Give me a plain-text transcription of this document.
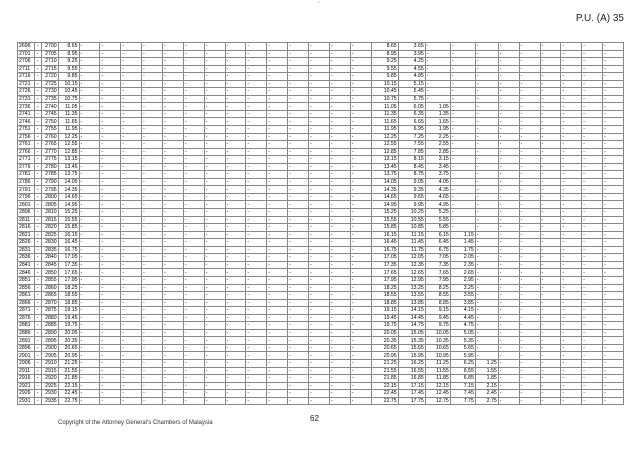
'
P.U. (A) 35
2696	-	2700	8.65	-	-	-	-	-	-	-	-	-	-	-	-	-	-	8.65	3.65	-	-	-	-	-	-	-	-	-
2701	-	2705	8.95	-	-	-	-	-	-	-	-	-	-	-	-	-	-	8.95	3.95	-	-	-	-	-	-	-	-	-
2706	-	2710	9.25	-	-	-	-	-	-	-	-	-	-	-	-	-	-	9.25	4.25	-	-	-	-	-	-	-	-	-
2711	-	2715	9.55	-	-	-	-	-	-	-	-	-	-	-	-	-	-	9.55	4.55	-	-	-	-	-	-	-	-	-
2716	-	2720	9.85	-	-	-	-	-	-	-	-	-	-	-	-	-	-	9.85	4.85	-	-	-	-	-	-	-	-	-
2721	-	2725	10.15	-	-	-	-	-	-	-	-	-	-	-	-	-	-	10.15	5.15	-	-	-	-	-	-	-	-	-
2726	-	2730	10.45	-	-	-	-	-	-	-	-	-	-	-	-	-	-	10.45	5.45	-	-	-	-	-	-	-	-	-
2731	-	2735	10.75	-	-	-	-	-	-	-	-	-	-	-	-	-	-	10.75	5.75	-	-	-	-	-	-	-	-	-
2736	-	2740	11.05	-	-	-	-	-	-	-	-	-	-	-	-	-	-	11.05	6.05	1.05	-	-	-	-	-	-	-	-
2741	-	2745	11.35	-	-	-	-	-	-	-	-	-	-	-	-	-	-	11.35	6.35	1.35	-	-	-	-	-	-	-	-
2746	-	2750	11.65	-	-	-	-	-	-	-	-	-	-	-	-	-	-	11.65	6.65	1.65	-	-	-	-	-	-	-	-
2751	-	2755	11.95	-	-	-	-	-	-	-	-	-	-	-	-	-	-	11.95	6.95	1.95	-	-	-	-	-	-	-	-
2756	-	2760	12.25	-	-	-	-	-	-	-	-	-	-	-	-	-	-	12.25	7.25	2.25	-	-	-	-	-	-	-	-
2761	-	2765	12.55	-	-	-	-	-	-	-	-	-	-	-	-	-	-	12.55	7.55	2.55	-	-	-	-	-	-	-	-
2766	-	2770	12.85	-	-	-	-	-	-	-	-	-	-	-	-	-	-	12.85	7.85	2.85	-	-	-	-	-	-	-	-
2771	-	2775	13.15	-	-	-	-	-	-	-	-	-	-	-	-	-	-	13.15	8.15	3.15	-	-	-	-	-	-	-	-
2776	-	2780	13.45	-	-	-	-	-	-	-	-	-	-	-	-	-	-	13.45	8.45	3.45	-	-	-	-	-	-	-	-
2781	-	2785	13.75	-	-	-	-	-	-	-	-	-	-	-	-	-	-	13.75	8.75	3.75	-	-	-	-	-	-	-	-
2786	-	2790	14.05	-	-	-	-	-	-	-	-	-	-	-	-	-	-	14.05	9.05	4.05	-	-	-	-	-	-	-	-
2791	-	2795	14.35	-	-	-	-	-	-	-	-	-	-	-	-	-	-	14.35	9.35	4.35	-	-	-	-	-	-	-	-
2796	-	2800	14.65	-	-	-	-	-	-	-	-	-	-	-	-	-	-	14.65	9.65	4.65	-	-	-	-	-	-	-	-
2801	-	2805	14.95	-	-	-	-	-	-	-	-	-	-	-	-	-	-	14.95	9.95	4.95	-	-	-	-	-	-	-	-
2806	-	2810	15.25	-	-	-	-	-	-	-	-	-	-	-	-	-	-	15.25	10.25	5.25	-	-	-	-	-	-	-	-
2811	-	2815	15.55	-	-	-	-	-	-	-	-	-	-	-	-	-	-	15.55	10.55	5.55	-	-	-	-	-	-	-	-
2816	-	2820	15.85	-	-	-	-	-	-	-	-	-	-	-	-	-	-	15.85	10.85	5.85	-	-	-	-	-	-	-	-
2821	-	2825	16.15	-	-	-	-	-	-	-	-	-	-	-	-	-	-	16.15	11.15	6.15	1.15	-	-	-	-	-	-	-
2826	-	2830	16.45	-	-	-	-	-	-	-	-	-	-	-	-	-	-	16.45	11.45	6.45	1.45	-	-	-	-	-	-	-
2831	-	2835	16.75	-	-	-	-	-	-	-	-	-	-	-	-	-	-	16.75	11.75	6.75	1.75	-	-	-	-	-	-	-
2836	-	2840	17.05	-	-	-	-	-	-	-	-	-	-	-	-	-	-	17.05	12.05	7.05	2.05	-	-	-	-	-	-	-
2841	-	2845	17.35	-	-	-	-	-	-	-	-	-	-	-	-	-	-	17.35	12.35	7.35	2.35	-	-	-	-	-	-	-
2846	-	2850	17.65	-	-	-	-	-	-	-	-	-	-	-	-	-	-	17.65	12.65	7.65	2.65	-	-	-	-	-	-	-
2851	-	2855	17.95	-	-	-	-	-	-	-	-	-	-	-	-	-	-	17.95	12.95	7.95	2.95	-	-	-	-	-	-	-
2856	-	2860	18.25	-	-	-	-	-	-	-	-	-	-	-	-	-	-	18.25	13.25	8.25	3.25	-	-	-	-	-	-	-
2861	-	2865	18.55	-	-	-	-	-	-	-	-	-	-	-	-	-	-	18.55	13.55	8.55	3.55	-	-	-	-	-	-	-
2866	-	2870	18.85	-	-	-	-	-	-	-	-	-	-	-	-	-	-	18.85	13.85	8.85	3.85	-	-	-	-	-	-	-
2871	-	2875	19.15	-	-	-	-	-	-	-	-	-	-	-	-	-	-	19.15	14.15	9.15	4.15	-	-	-	-	-	-	-
2876	-	2880	19.45	-	-	-	-	-	-	-	-	-	-	-	-	-	-	19.45	14.45	9.45	4.45	-	-	-	-	-	-	-
2881	-	2885	19.75	-	-	-	-	-	-	-	-	-	-	-	-	-	-	19.75	14.75	9.75	4.75	-	-	-	-	-	-	-
2886	-	2890	20.05	-	-	-	-	-	-	-	-	-	-	-	-	-	-	20.05	15.05	10.05	5.05	-	-	-	-	-	-	-
2891	-	2895	20.35	-	-	-	-	-	-	-	-	-	-	-	-	-	-	20.35	15.35	10.35	5.35	-	-	-	-	-	-	-
2896	-	2900	20.65	-	-	-	-	-	-	-	-	-	-	-	-	-	-	20.65	15.65	10.65	5.65	-	-	-	-	-	-	-
2901	-	2905	20.95	-	-	-	-	-	-	-	-	-	-	-	-	-	-	20.95	15.95	10.95	5.95	-	-	-	-	-	-	-
2906	-	2910	21.25	-	-	-	-	-	-	-	-	-	-	-	-	-	-	21.25	16.25	11.25	6.25	1.25	-	-	-	-	-	-
2911	-	2915	21.55	-	-	-	-	-	-	-	-	-	-	-	-	-	-	21.55	16.55	11.55	6.55	1.55	-	-	-	-	-	-
2916	-	2920	21.85	-	-	-	-	-	-	-	-	-	-	-	-	-	-	21.85	16.85	11.85	6.85	1.85	-	-	-	-	-	-
2921	-	2925	22.15	-	-	-	-	-	-	-	-	-	-	-	-	-	-	22.15	17.15	12.15	7.15	2.15	-	-	-	-	-	-
2926	-	2930	22.45	-	-	-	-	-	-	-	-	-	-	-	-	-	-	22.45	17.45	12.45	7.45	2.45	-	-	-	-	-	-
2931	-	2935	22.75	-	-	-	-	-	-	-	-	-	-	-	-	-	-	22.75	17.75	12.75	7.75	2.75	-	-	-	-	-	-
62
Copyright of the Attorney General's Chambers of Malaysia
